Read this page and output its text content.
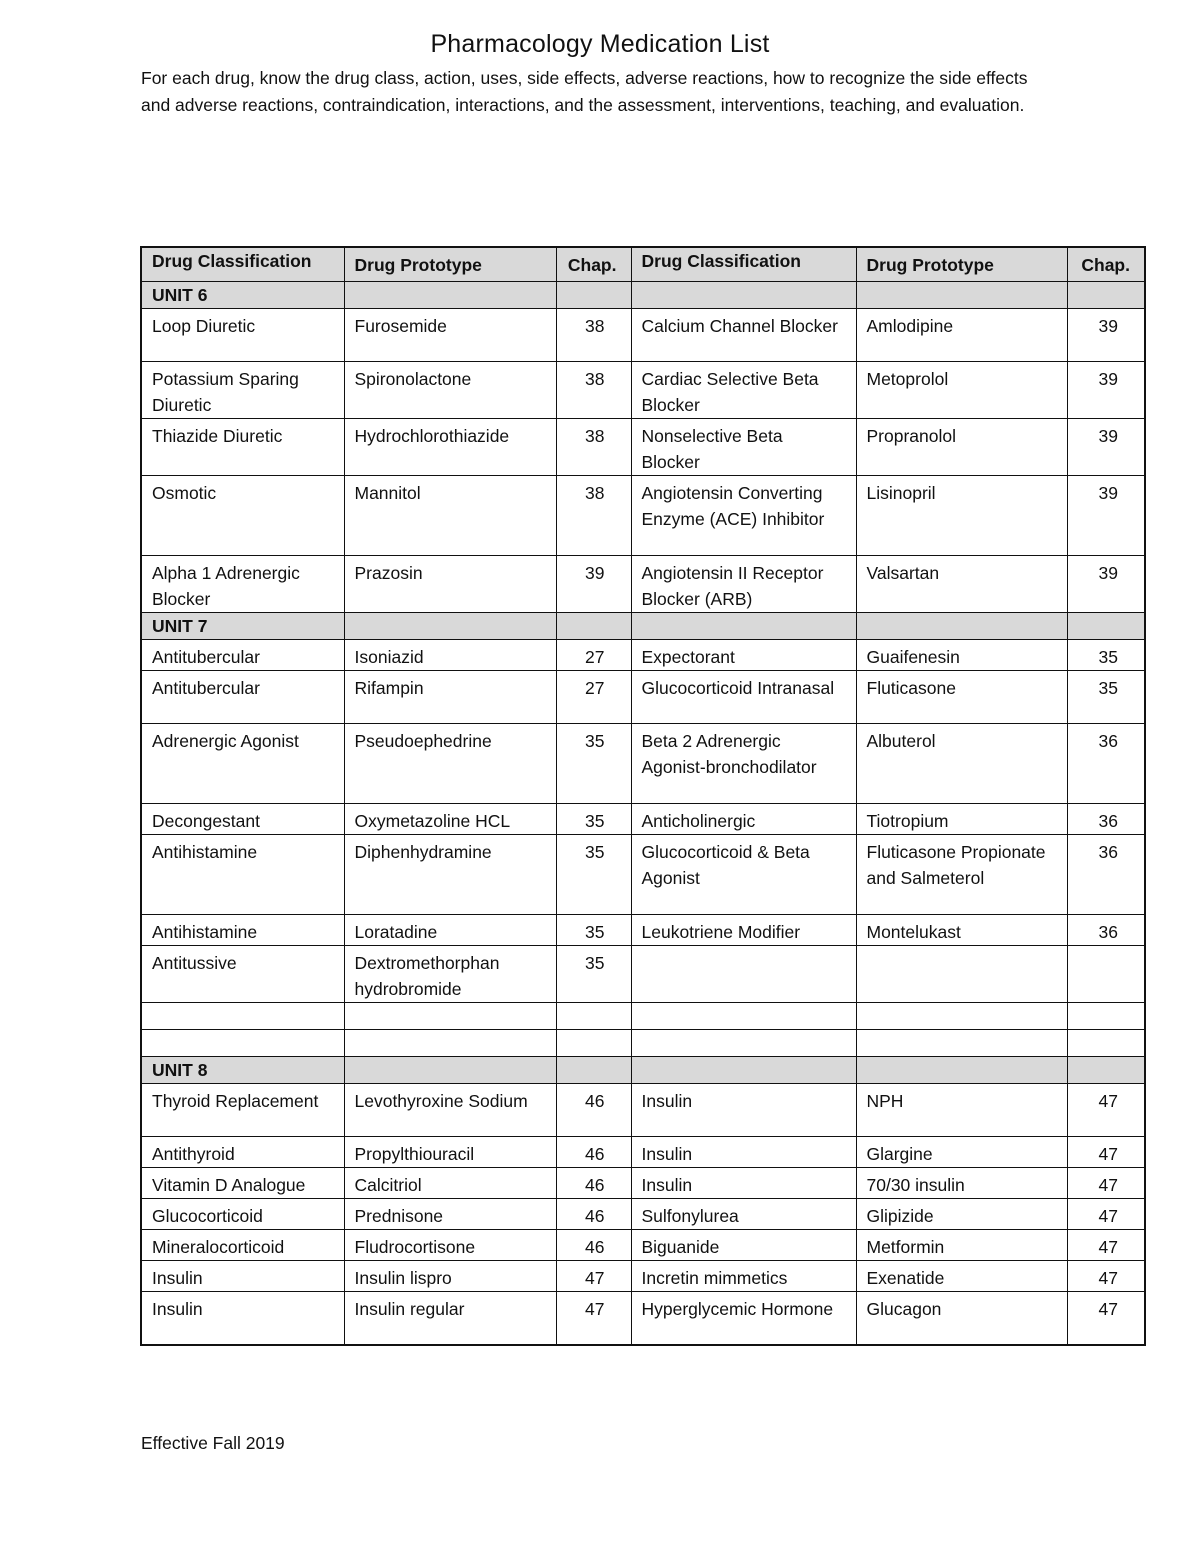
Pharmacology Medication List
For each drug, know the drug class, action, uses, side effects, adverse reactions, how to recognize the side effects and adverse reactions, contraindication, interactions, and the assessment, interventions, teaching, and evaluation.
Drug Classification	Drug Prototype	Chap.	Drug Classification	Drug Prototype	Chap.

UNIT 6					
Loop Diuretic	Furosemide	38	Calcium Channel Blocker	Amlodipine	39
Potassium Sparing Diuretic	Spironolactone	38	Cardiac Selective Beta Blocker	Metoprolol	39
Thiazide Diuretic	Hydrochlorothiazide	38	Nonselective Beta Blocker	Propranolol	39
Osmotic	Mannitol	38	Angiotensin Converting Enzyme (ACE) Inhibitor	Lisinopril	39
Alpha 1 Adrenergic Blocker	Prazosin	39	Angiotensin II Receptor Blocker (ARB)	Valsartan	39
UNIT 7					
Antitubercular	Isoniazid	27	Expectorant	Guaifenesin	35
Antitubercular	Rifampin	27	Glucocorticoid Intranasal	Fluticasone	35
Adrenergic Agonist	Pseudoephedrine	35	Beta 2 Adrenergic Agonist-bronchodilator	Albuterol	36
Decongestant	Oxymetazoline HCL	35	Anticholinergic	Tiotropium	36
Antihistamine	Diphenhydramine	35	Glucocorticoid & Beta Agonist	Fluticasone Propionate and Salmeterol	36
Antihistamine	Loratadine	35	Leukotriene Modifier	Montelukast	36
Antitussive	Dextromethorphan hydrobromide	35			

UNIT 8					
Thyroid Replacement	Levothyroxine Sodium	46	Insulin	NPH	47
Antithyroid	Propylthiouracil	46	Insulin	Glargine	47
Vitamin D Analogue	Calcitriol	46	Insulin	70/30 insulin	47
Glucocorticoid	Prednisone	46	Sulfonylurea	Glipizide	47
Mineralocorticoid	Fludrocortisone	46	Biguanide	Metformin	47
Insulin	Insulin lispro	47	Incretin mimmetics	Exenatide	47
Insulin	Insulin regular	47	Hyperglycemic Hormone	Glucagon	47
Effective Fall 2019
